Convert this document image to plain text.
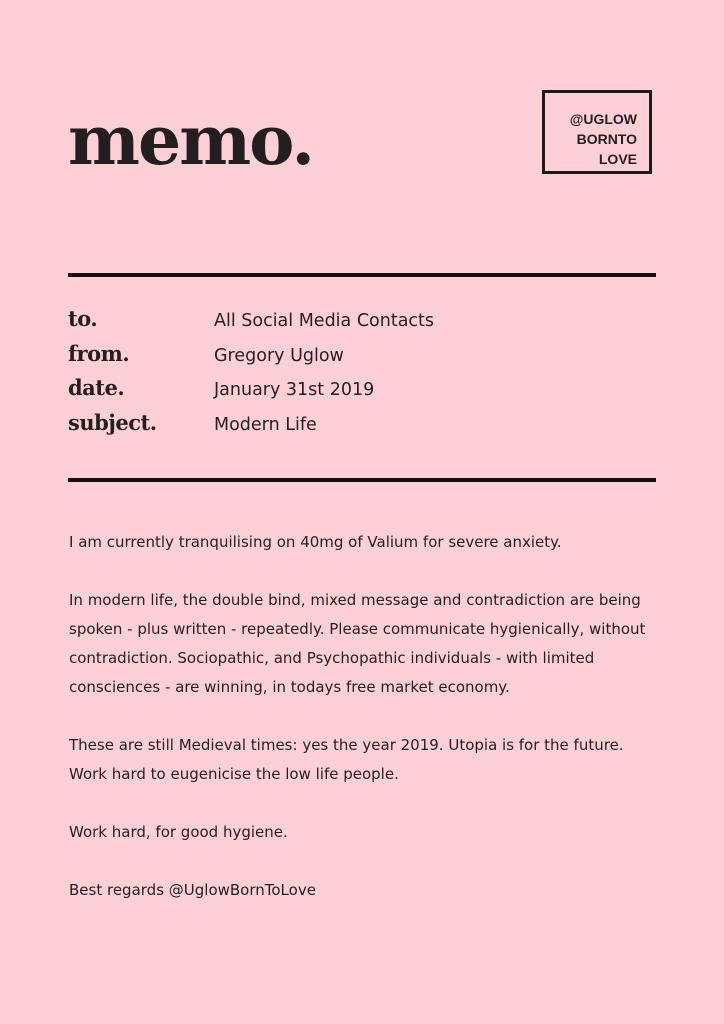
memo.	@UGLOW
BORNTO
LOVE
to.	All Social Media Contacts
from.	Gregory Uglow
date.	January 31st 2019
subject.	Modern Life

I am currently tranquilising on 40mg of Valium for severe anxiety.

In modern life, the double bind, mixed message and contradiction are being spoken - plus written - repeatedly. Please communicate hygienically, without contradiction. Sociopathic, and Psychopathic individuals - with limited consciences - are winning, in todays free market economy.

These are still Medieval times: yes the year 2019. Utopia is for the future. Work hard to eugenicise the low life people.

Work hard, for good hygiene.

Best regards @UglowBornToLove
